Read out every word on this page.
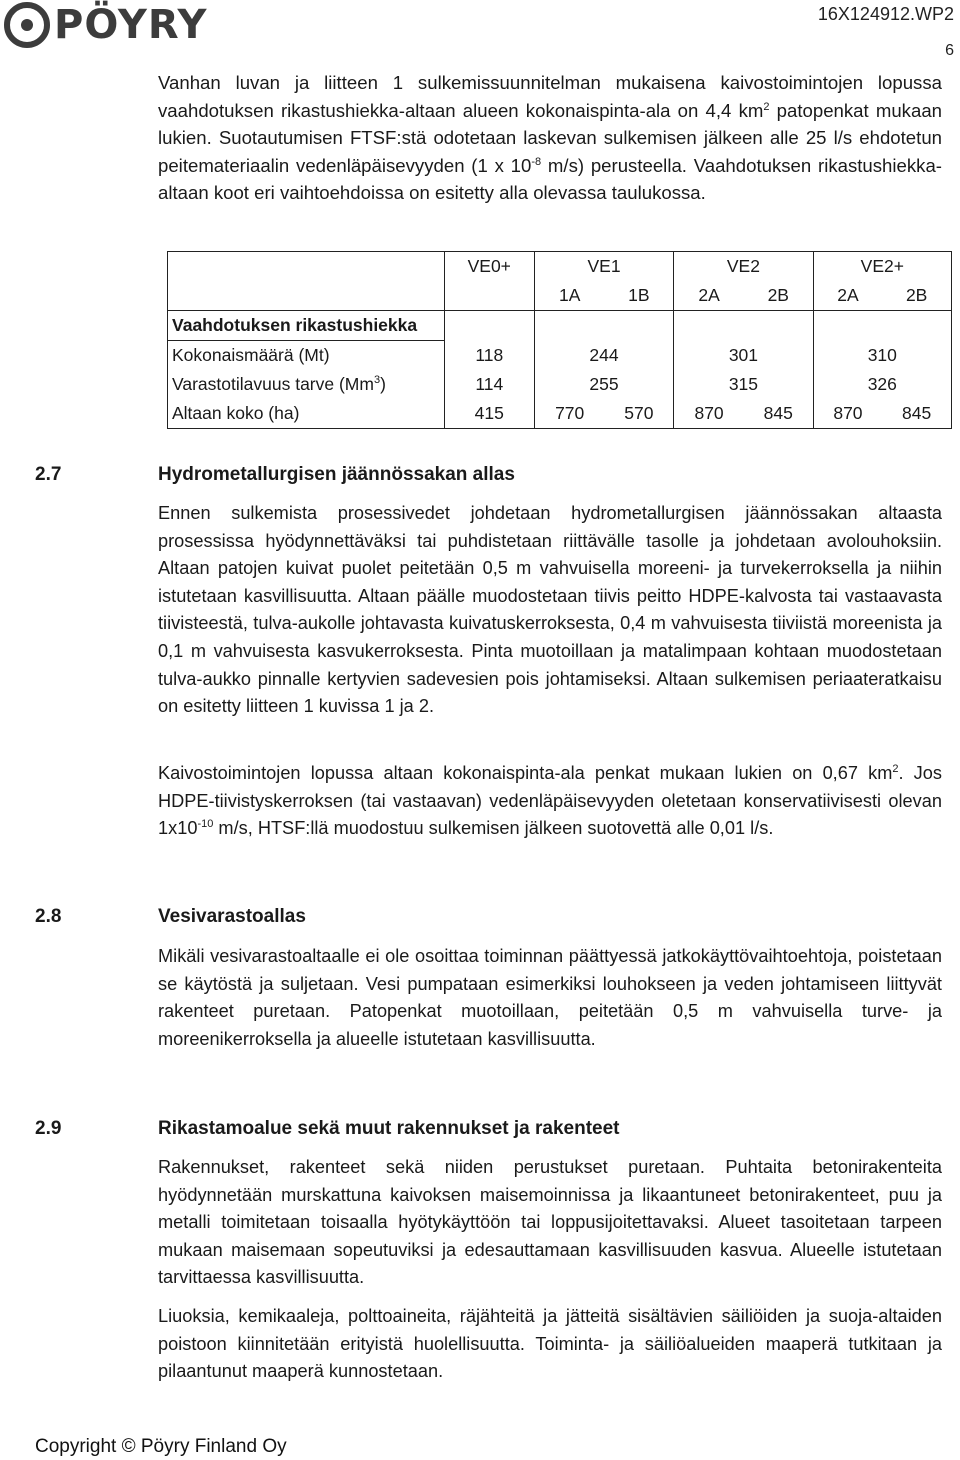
PÖYRY	16X124912.WP2
6

Vanhan luvan ja liitteen 1 sulkemissuunnitelman mukaisena kaivostoimintojen lopussa vaahdotuksen rikastushiekka-altaan alueen kokonaispinta-ala on 4,4 $km^2$ patopenkat mukaan lukien. Suotautumisen FTSF:stä odotetaan laskevan sulkemisen jälkeen alle 25 l/s ehdotetun peitemateriaalin vedenläpäisevyyden (1 x $10^{-8}$ m/s) perusteella. Vaahdotuksen rikastushiekka-altaan koot eri vaihtoehdoissa on esitetty alla olevassa taulukossa.

	VE0+	VE1		VE2		VE2+	
		1A	1B	2A	2B	2A	2B
Vaahdotuksen rikastushiekka							
Kokonaismäärä (Mt)	118	244		301		310	
Varastotilavuus tarve (Mm$^3$)	114	255		315		326	
Altaan koko (ha)	415	770	570	870	845	870	845
2.7	Hydrometallurgisen jäännössakan allas

Ennen sulkemista prosessivedet johdetaan hydrometallurgisen jäännössakan altaasta prosessissa hyödynnettäväksi tai puhdistetaan riittävälle tasolle ja johdetaan avolouhoksiin. Altaan patojen kuivat puolet peitetään 0,5 m vahvuisella moreeni- ja turvekerroksella ja niihin istutetaan kasvillisuutta. Altaan päälle muodostetaan tiivis peitto HDPE-kalvosta tai vastaavasta tiivisteestä, tulva-aukolle johtavasta kuivatuskerroksesta, 0,4 m vahvuisesta tiiviistä moreenista ja 0,1 m vahvuisesta kasvukerroksesta. Pinta muotoillaan ja matalimpaan kohtaan muodostetaan tulva-aukko pinnalle kertyvien sadevesien pois johtamiseksi. Altaan sulkemisen periaateratkaisu on esitetty liitteen 1 kuvissa 1 ja 2.

Kaivostoimintojen lopussa altaan kokonaispinta-ala penkat mukaan lukien on 0,67 $km^2$. Jos HDPE-tiivistyskerroksen (tai vastaavan) vedenläpäisevyyden oletetaan konservatiivisesti olevan $1x10^{-10}$ m/s, HTSF:llä muodostuu sulkemisen jälkeen suotovettä alle 0,01 l/s.

2.8	Vesivarastoallas

Mikäli vesivarastoaltaalle ei ole osoittaa toiminnan päättyessä jatkokäyttövaihtoehtoja, poistetaan se käytöstä ja suljetaan. Vesi pumpataan esimerkiksi louhokseen ja veden johtamiseen liittyvät rakenteet puretaan. Patopenkat muotoillaan, peitetään 0,5 m vahvuisella turve- ja moreenikerroksella ja alueelle istutetaan kasvillisuutta.

2.9	Rikastamoalue sekä muut rakennukset ja rakenteet

Rakennukset, rakenteet sekä niiden perustukset puretaan. Puhtaita betonirakenteita hyödynnetään murskattuna kaivoksen maisemoinnissa ja likaantuneet betonirakenteet, puu ja metalli toimitetaan toisaalla hyötykäyttöön tai loppusijoitettavaksi. Alueet tasoitetaan tarpeen mukaan maisemaan sopeutuviksi ja edesauttamaan kasvillisuuden kasvua. Alueelle istutetaan tarvittaessa kasvillisuutta.

Liuoksia, kemikaaleja, polttoaineita, räjähteitä ja jätteitä sisältävien säiliöiden ja suoja-altaiden poistoon kiinnitetään erityistä huolellisuutta. Toiminta- ja säiliöalueiden maaperä tutkitaan ja pilaantunut maaperä kunnostetaan.

Copyright © Pöyry Finland Oy
